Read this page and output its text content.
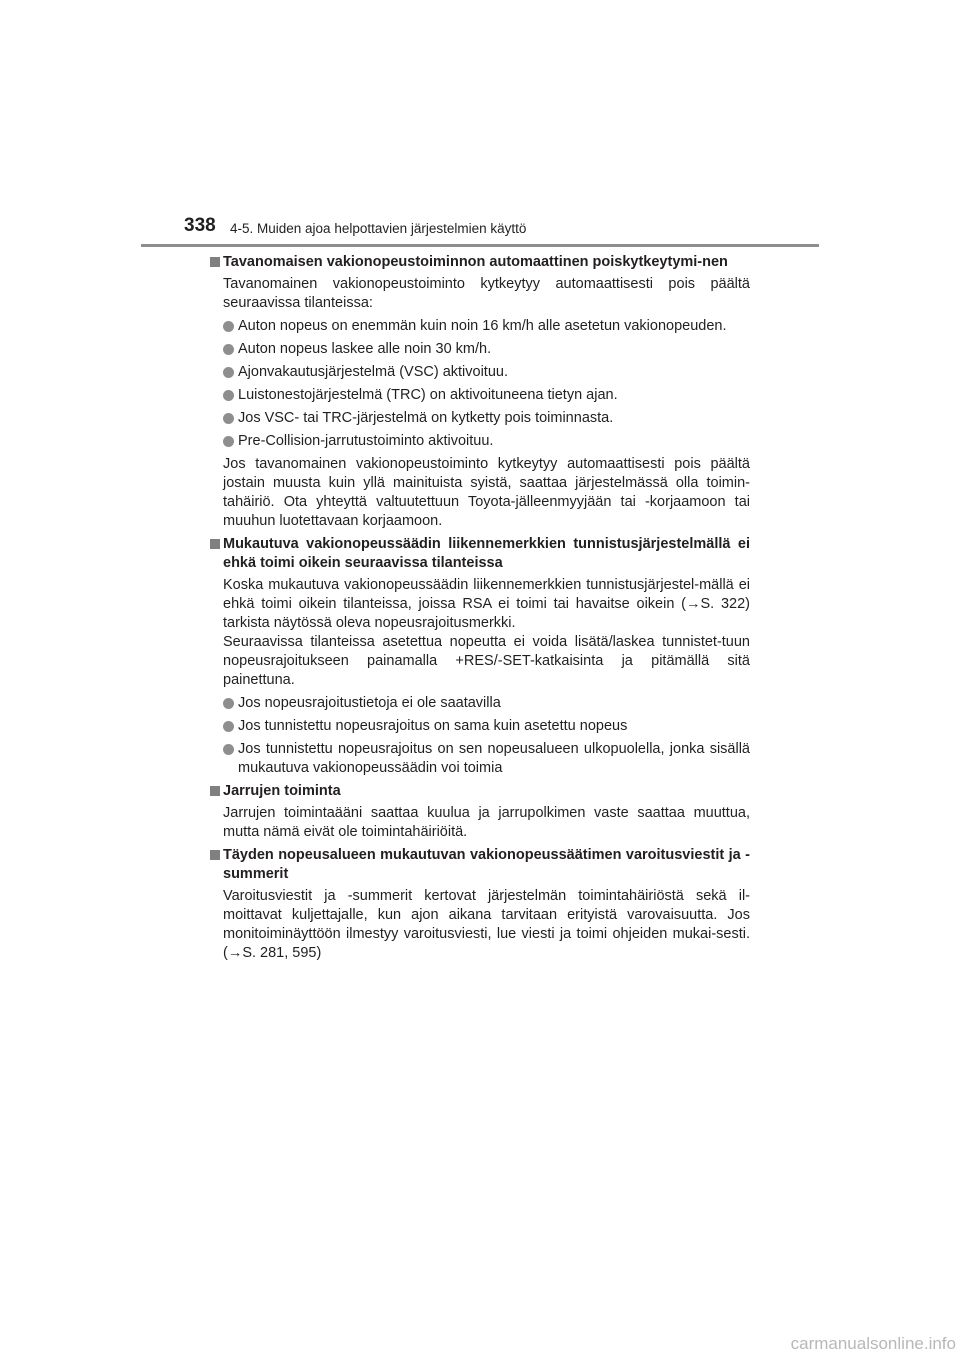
338 4-5. Muiden ajoa helpottavien järjestelmien käyttö
Tavanomaisen vakionopeustoiminnon automaattinen poiskytkeytymi-nen

Tavanomainen vakionopeustoiminto kytkeytyy automaattisesti pois päältä seuraavissa tilanteissa:

Auton nopeus on enemmän kuin noin 16 km/h alle asetetun vakionopeuden.
Auton nopeus laskee alle noin 30 km/h.
Ajonvakautusjärjestelmä (VSC) aktivoituu.
Luistonestojärjestelmä (TRC) on aktivoituneena tietyn ajan.
Jos VSC- tai TRC-järjestelmä on kytketty pois toiminnasta.
Pre-Collision-jarrutustoiminto aktivoituu.

Jos tavanomainen vakionopeustoiminto kytkeytyy automaattisesti pois päältä jostain muusta kuin yllä mainituista syistä, saattaa järjestelmässä olla toimin-tahäiriö. Ota yhteyttä valtuutettuun Toyota-jälleenmyyjään tai -korjaamoon tai muuhun luotettavaan korjaamoon.

Mukautuva vakionopeussäädin liikennemerkkien tunnistusjärjestelmällä ei ehkä toimi oikein seuraavissa tilanteissa

Koska mukautuva vakionopeussäädin liikennemerkkien tunnistusjärjestel-mällä ei ehkä toimi oikein tilanteissa, joissa RSA ei toimi tai havaitse oikein (→S. 322) tarkista näytössä oleva nopeusrajoitusmerkki.

Seuraavissa tilanteissa asetettua nopeutta ei voida lisätä/laskea tunnistet-tuun nopeusrajoitukseen painamalla +RES/-SET-katkaisinta ja pitämällä sitä painettuna.

Jos nopeusrajoitustietoja ei ole saatavilla
Jos tunnistettu nopeusrajoitus on sama kuin asetettu nopeus
Jos tunnistettu nopeusrajoitus on sen nopeusalueen ulkopuolella, jonka sisällä mukautuva vakionopeussäädin voi toimia
Jarrujen toiminta

Jarrujen toimintaääni saattaa kuulua ja jarrupolkimen vaste saattaa muuttua, mutta nämä eivät ole toimintahäiriöitä.

Täyden nopeusalueen mukautuvan vakionopeussäätimen varoitusviestit ja -summerit

Varoitusviestit ja -summerit kertovat järjestelmän toimintahäiriöstä sekä il-moittavat kuljettajalle, kun ajon aikana tarvitaan erityistä varovaisuutta. Jos monitoiminäyttöön ilmestyy varoitusviesti, lue viesti ja toimi ohjeiden mukai-sesti. (→S. 281, 595)

carmanualsonline.info
